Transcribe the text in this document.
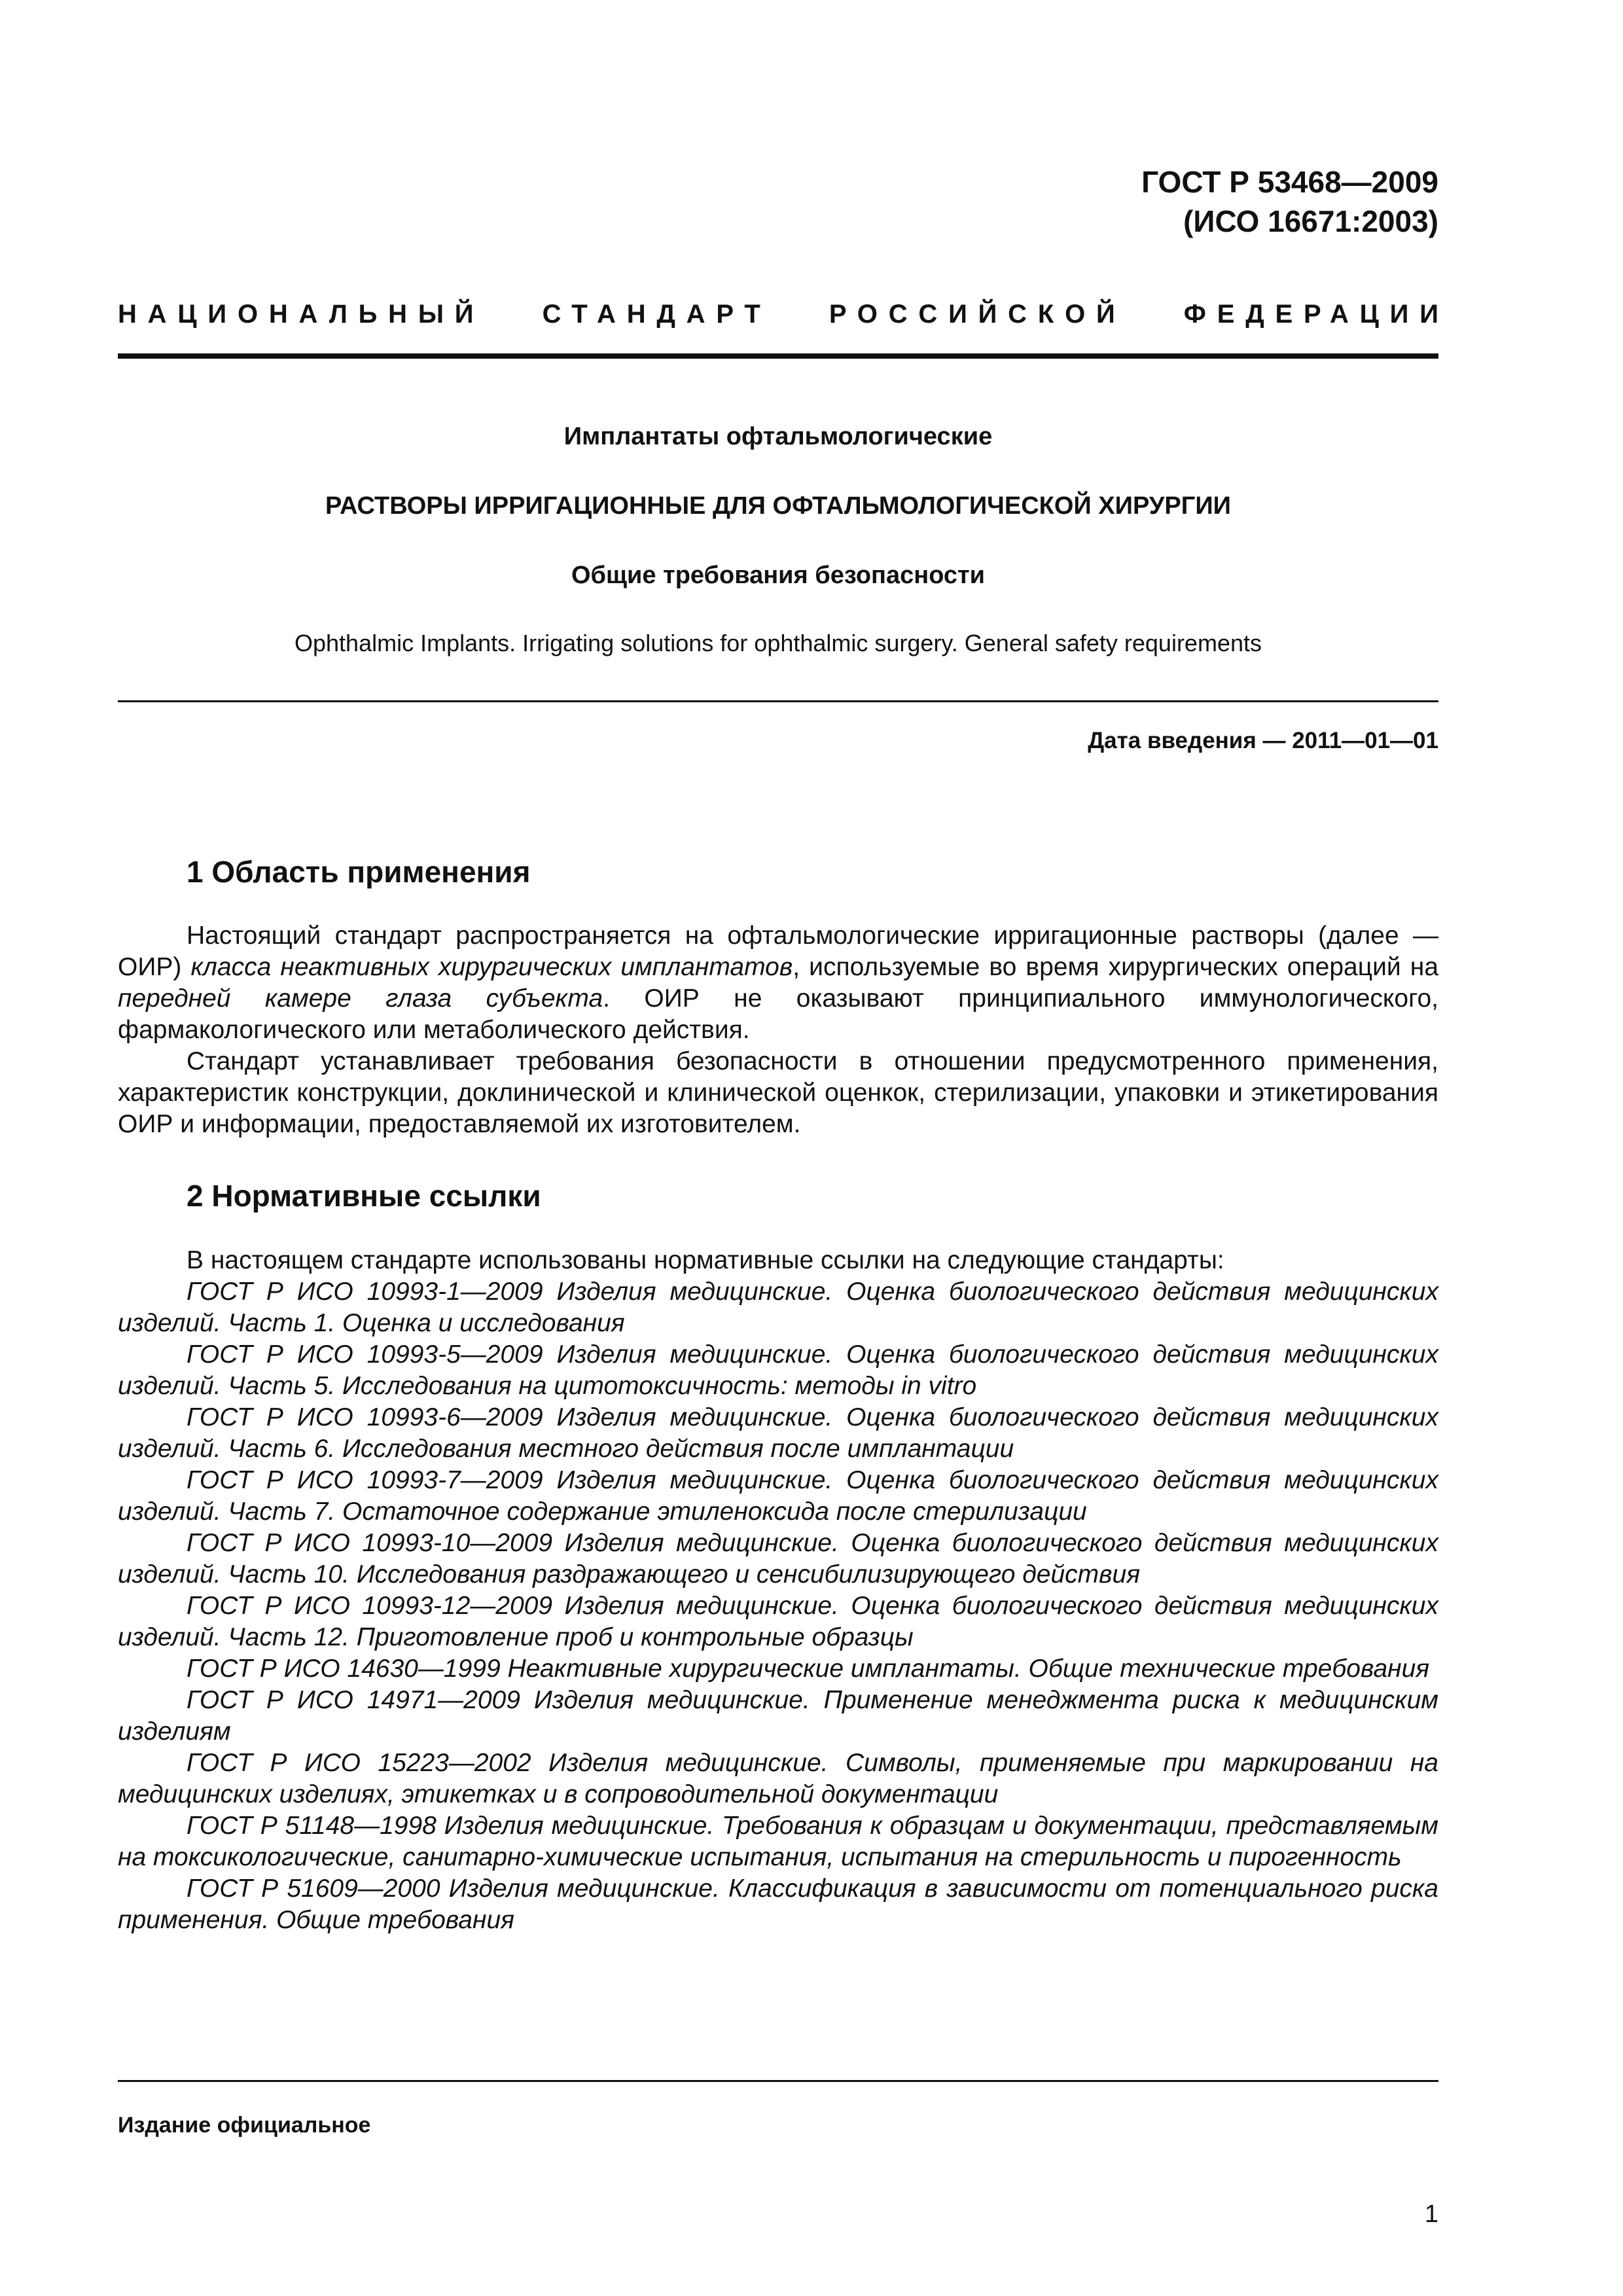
ГОСТ Р 53468—2009
(ИСО 16671:2003)
НАЦИОНАЛЬНЫЙ СТАНДАРТ РОССИЙСКОЙ ФЕДЕРАЦИИ
Имплантаты офтальмологические
РАСТВОРЫ ИРРИГАЦИОННЫЕ ДЛЯ ОФТАЛЬМОЛОГИЧЕСКОЙ ХИРУРГИИ
Общие требования безопасности
Ophthalmic Implants. Irrigating solutions for ophthalmic surgery. General safety requirements
Дата введения — 2011—01—01
1 Область применения

Настоящий стандарт распространяется на офтальмологические ирригационные растворы (далее — ОИР) класса неактивных хирургических имплантатов, используемые во время хирургических операций на передней камере глаза субъекта. ОИР не оказывают принципиального иммунологического, фармакологического или метаболического действия.

Стандарт устанавливает требования безопасности в отношении предусмотренного применения, характеристик конструкции, доклинической и клинической оценкок, стерилизации, упаковки и этикетирования ОИР и информации, предоставляемой их изготовителем.

2 Нормативные ссылки

В настоящем стандарте использованы нормативные ссылки на следующие стандарты:

ГОСТ Р ИСО 10993-1—2009 Изделия медицинские. Оценка биологического действия медицинских изделий. Часть 1. Оценка и исследования

ГОСТ Р ИСО 10993-5—2009 Изделия медицинские. Оценка биологического действия медицинских изделий. Часть 5. Исследования на цитотоксичность: методы in vitro

ГОСТ Р ИСО 10993-6—2009 Изделия медицинские. Оценка биологического действия медицинских изделий. Часть 6. Исследования местного действия после имплантации

ГОСТ Р ИСО 10993-7—2009 Изделия медицинские. Оценка биологического действия медицинских изделий. Часть 7. Остаточное содержание этиленоксида после стерилизации

ГОСТ Р ИСО 10993-10—2009 Изделия медицинские. Оценка биологического действия медицинских изделий. Часть 10. Исследования раздражающего и сенсибилизирующего действия

ГОСТ Р ИСО 10993-12—2009 Изделия медицинские. Оценка биологического действия медицинских изделий. Часть 12. Приготовление проб и контрольные образцы

ГОСТ Р ИСО 14630—1999 Неактивные хирургические имплантаты. Общие технические требования

ГОСТ Р ИСО 14971—2009 Изделия медицинские. Применение менеджмента риска к медицинским изделиям

ГОСТ Р ИСО 15223—2002 Изделия медицинские. Символы, применяемые при маркировании на медицинских изделиях, этикетках и в сопроводительной документации

ГОСТ Р 51148—1998 Изделия медицинские. Требования к образцам и документации, представляемым на токсикологические, санитарно-химические испытания, испытания на стерильность и пирогенность

ГОСТ Р 51609—2000 Изделия медицинские. Классификация в зависимости от потенциального риска применения. Общие требования

Издание официальное
1
